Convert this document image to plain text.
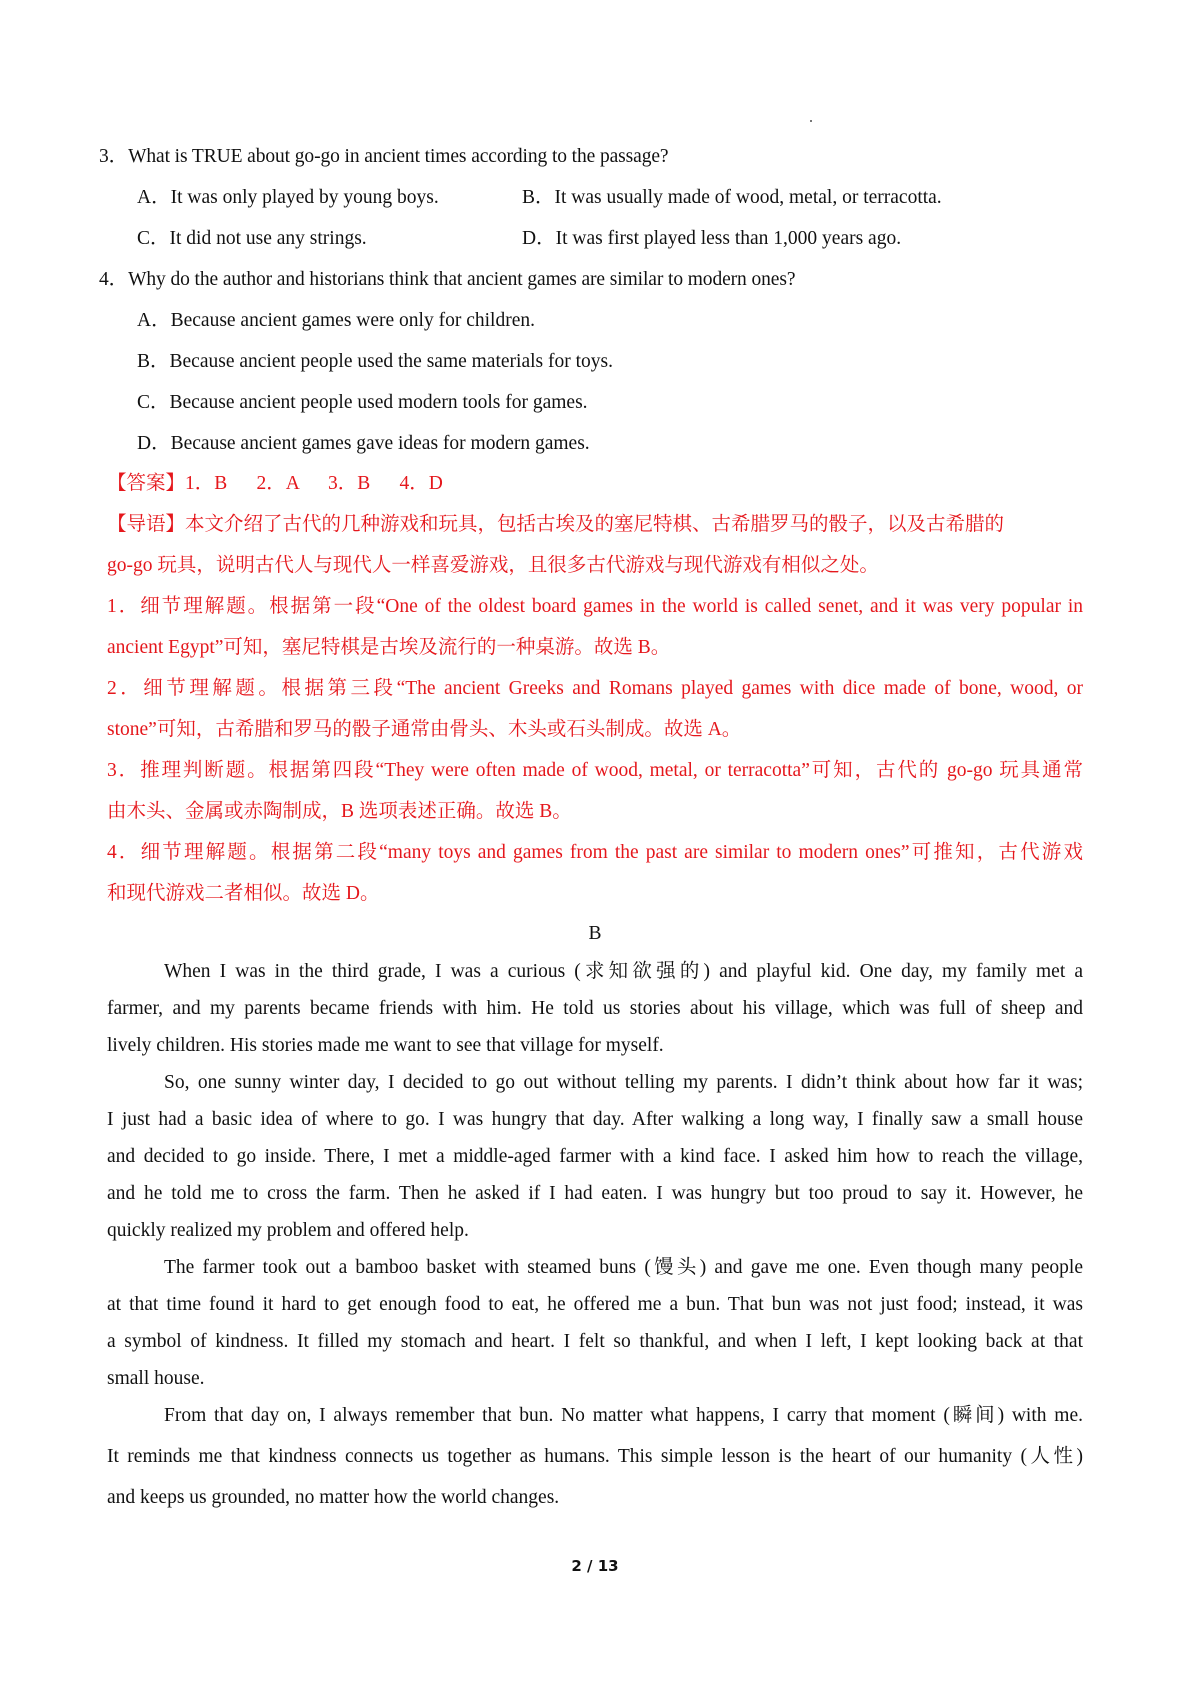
3．What is TRUE about go-go in ancient times according to the passage?
A．It was only played by young boys.	B．It was usually made of wood, metal, or terracotta.
C．It did not use any strings.	D．It was first played less than 1,000 years ago.
4．Why do the author and historians think that ancient games are similar to modern ones?
A．Because ancient games were only for children.
B．Because ancient people used the same materials for toys.
C．Because ancient people used modern tools for games.
D．Because ancient games gave ideas for modern games.
【答案】1．B　  2．A　  3．B　  4．D
【导语】本文介绍了古代的几种游戏和玩具，包括古埃及的塞尼特棋、古希腊罗马的骰子，以及古希腊的
go-go 玩具，说明古代人与现代人一样喜爱游戏，且很多古代游戏与现代游戏有相似之处。
1．细节理解题。根据第一段“One of the oldest board games in the world is called senet, and it was very popular in
ancient Egypt”可知，塞尼特棋是古埃及流行的一种桌游。故选 B。
2．细节理解题。根据第三段“The ancient Greeks and Romans played games with dice made of bone, wood, or
stone”可知，古希腊和罗马的骰子通常由骨头、木头或石头制成。故选 A。
3．推理判断题。根据第四段“They were often made of wood, metal, or terracotta”可知，古代的 go-go 玩具通常
由木头、金属或赤陶制成，B 选项表述正确。故选 B。
4．细节理解题。根据第二段“many toys and games from the past are similar to modern ones”可推知，古代游戏
和现代游戏二者相似。故选 D。
B
When I was in the third grade, I was a curious (求知欲强的) and playful kid. One day, my family met a
farmer, and my parents became friends with him. He told us stories about his village, which was full of sheep and
lively children. His stories made me want to see that village for myself.
So, one sunny winter day, I decided to go out without telling my parents. I didn’t think about how far it was;
I just had a basic idea of where to go. I was hungry that day. After walking a long way, I finally saw a small house
and decided to go inside. There, I met a middle-aged farmer with a kind face. I asked him how to reach the village,
and he told me to cross the farm. Then he asked if I had eaten. I was hungry but too proud to say it. However, he
quickly realized my problem and offered help.
The farmer took out a bamboo basket with steamed buns (馒头) and gave me one. Even though many people
at that time found it hard to get enough food to eat, he offered me a bun. That bun was not just food; instead, it was
a symbol of kindness. It filled my stomach and heart. I felt so thankful, and when I left, I kept looking back at that
small house.
From that day on, I always remember that bun. No matter what happens, I carry that moment (瞬间) with me.
It reminds me that kindness connects us together as humans. This simple lesson is the heart of our humanity (人性)
and keeps us grounded, no matter how the world changes.
2 / 13
